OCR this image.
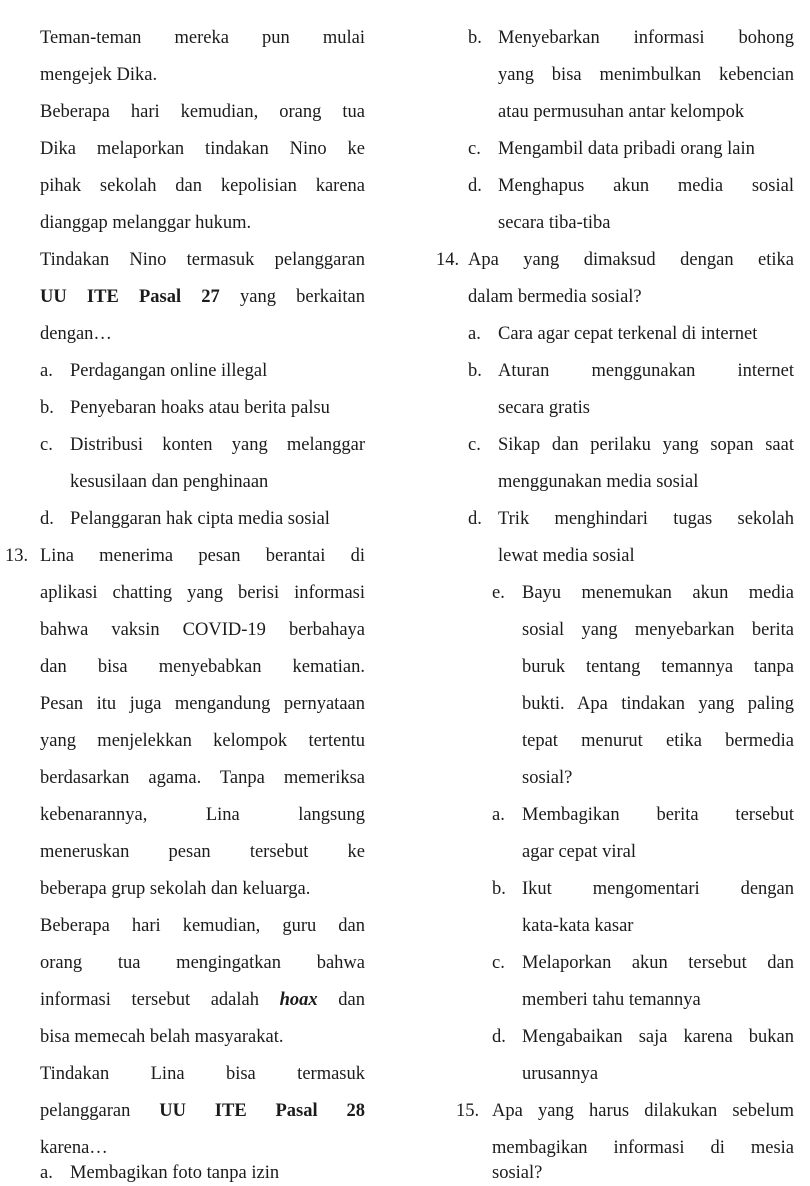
Teman-teman mereka pun mulai
mengejek Dika.
Beberapa hari kemudian, orang tua
Dika melaporkan tindakan Nino ke
pihak sekolah dan kepolisian karena
dianggap melanggar hukum.
Tindakan Nino termasuk pelanggaran
UU ITE Pasal 27 yang berkaitan
dengan…
a. Perdagangan online illegal
b. Penyebaran hoaks atau berita palsu
c. Distribusi konten yang melanggar
kesusilaan dan penghinaan
d. Pelanggaran hak cipta media sosial
13. Lina menerima pesan berantai di
aplikasi chatting yang berisi informasi
bahwa vaksin COVID-19 berbahaya
dan bisa menyebabkan kematian.
Pesan itu juga mengandung pernyataan
yang menjelekkan kelompok tertentu
berdasarkan agama. Tanpa memeriksa
kebenarannya, Lina langsung
meneruskan pesan tersebut ke
beberapa grup sekolah dan keluarga.
Beberapa hari kemudian, guru dan
orang tua mengingatkan bahwa
informasi tersebut adalah hoax dan
bisa memecah belah masyarakat.
Tindakan Lina bisa termasuk
pelanggaran UU ITE Pasal 28
karena…
a. Membagikan foto tanpa izin
b. Menyebarkan informasi bohong
yang bisa menimbulkan kebencian
atau permusuhan antar kelompok
c. Mengambil data pribadi orang lain
d. Menghapus akun media sosial
secara tiba-tiba
14. Apa yang dimaksud dengan etika
dalam bermedia sosial?
a. Cara agar cepat terkenal di internet
b. Aturan menggunakan internet
secara gratis
c. Sikap dan perilaku yang sopan saat
menggunakan media sosial
d. Trik menghindari tugas sekolah
lewat media sosial
e. Bayu menemukan akun media
sosial yang menyebarkan berita
buruk tentang temannya tanpa
bukti. Apa tindakan yang paling
tepat menurut etika bermedia
sosial?
a. Membagikan berita tersebut
agar cepat viral
b. Ikut mengomentari dengan
kata-kata kasar
c. Melaporkan akun tersebut dan
memberi tahu temannya
d. Mengabaikan saja karena bukan
urusannya
15. Apa yang harus dilakukan sebelum
membagikan informasi di mesia
sosial?
